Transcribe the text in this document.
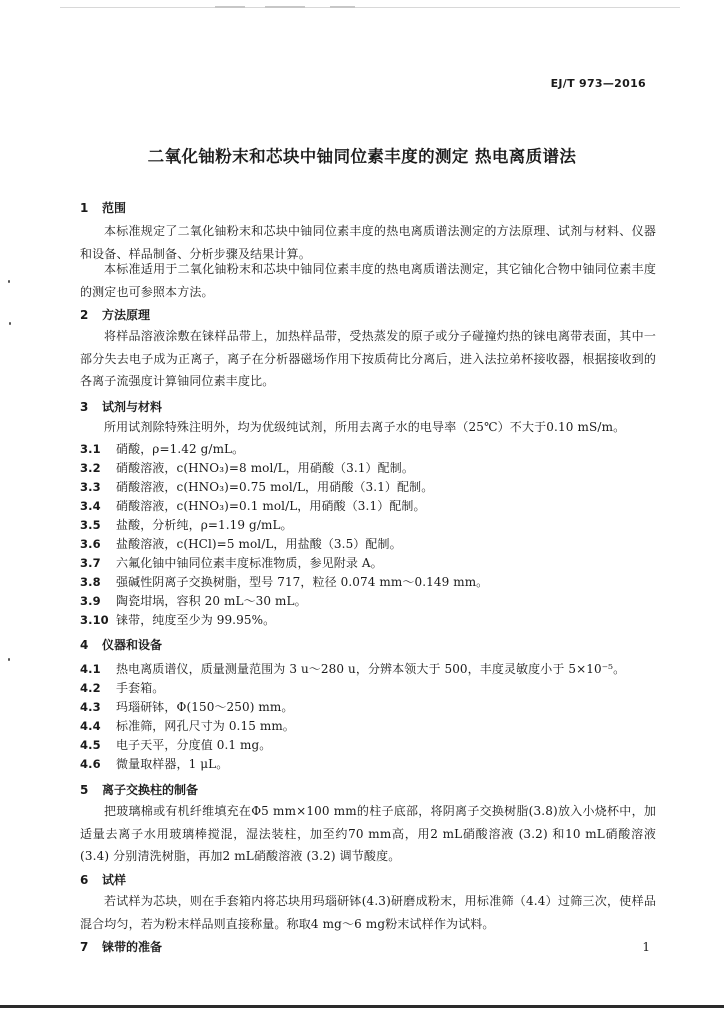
EJ/T 973—2016
二氧化铀粉末和芯块中铀同位素丰度的测定 热电离质谱法
1 范围
本标准规定了二氧化铀粉末和芯块中铀同位素丰度的热电离质谱法测定的方法原理、试剂与材料、仪器和设备、样品制备、分析步骤及结果计算。
本标准适用于二氧化铀粉末和芯块中铀同位素丰度的热电离质谱法测定，其它铀化合物中铀同位素丰度的测定也可参照本方法。
2 方法原理
将样品溶液涂敷在铼样品带上，加热样品带，受热蒸发的原子或分子碰撞灼热的铼电离带表面，其中一部分失去电子成为正离子，离子在分析器磁场作用下按质荷比分离后，进入法拉弟杯接收器，根据接收到的各离子流强度计算铀同位素丰度比。
3 试剂与材料
所用试剂除特殊注明外，均为优级纯试剂，所用去离子水的电导率（25℃）不大于0.10 mS/m。
3.1 硝酸，ρ=1.42 g/mL。
3.2 硝酸溶液，c(HNO₃)=8 mol/L，用硝酸（3.1）配制。
3.3 硝酸溶液，c(HNO₃)=0.75 mol/L，用硝酸（3.1）配制。
3.4 硝酸溶液，c(HNO₃)=0.1 mol/L，用硝酸（3.1）配制。
3.5 盐酸，分析纯，ρ=1.19 g/mL。
3.6 盐酸溶液，c(HCl)=5 mol/L，用盐酸（3.5）配制。
3.7 六氟化铀中铀同位素丰度标准物质，参见附录 A。
3.8 强碱性阴离子交换树脂，型号 717，粒径 0.074 mm～0.149 mm。
3.9 陶瓷坩埚，容积 20 mL～30 mL。
3.10 铼带，纯度至少为 99.95%。
4 仪器和设备
4.1 热电离质谱仪，质量测量范围为 3 u～280 u，分辨本领大于 500，丰度灵敏度小于 5×10⁻⁵。
4.2 手套箱。
4.3 玛瑙研钵，Φ(150～250) mm。
4.4 标准筛，网孔尺寸为 0.15 mm。
4.5 电子天平，分度值 0.1 mg。
4.6 微量取样器，1 μL。
5 离子交换柱的制备
把玻璃棉或有机纤维填充在Φ5 mm×100 mm的柱子底部，将阴离子交换树脂(3.8)放入小烧杯中，加适量去离子水用玻璃棒搅混，湿法装柱，加至约70 mm高，用2 mL硝酸溶液 (3.2) 和10 mL硝酸溶液 (3.4) 分别清洗树脂，再加2 mL硝酸溶液 (3.2) 调节酸度。
6 试样
若试样为芯块，则在手套箱内将芯块用玛瑙研钵(4.3)研磨成粉末，用标准筛（4.4）过筛三次，使样品混合均匀，若为粉末样品则直接称量。称取4 mg～6 mg粉末试样作为试料。
7 铼带的准备	1
